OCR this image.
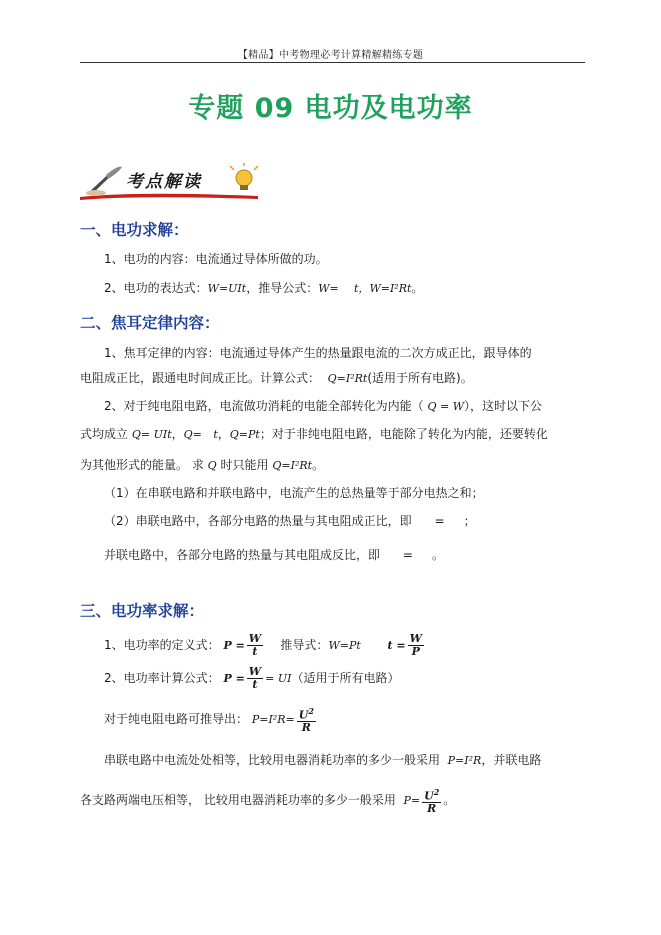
【精品】中考物理必考计算精解精练专题
专题 09 电功及电功率
考点解读
一、电功求解：
1、电功的内容：电流通过导体所做的功。
2、电功的表达式：W=UIt，推导公式：W= t，W=I²Rt。
二、焦耳定律内容：
1、焦耳定律的内容：电流通过导体产生的热量跟电流的二次方成正比，跟导体的
电阻成正比，跟通电时间成正比。计算公式： Q=I²Rt(适用于所有电路)。
2、对于纯电阻电路，电流做功消耗的电能全部转化为内能（ Q = W），这时以下公
式均成立 Q= UIt，Q= t，Q=Pt；对于非纯电阻电路，电能除了转化为内能，还要转化
为其他形式的能量。 求 Q 时只能用 Q=I²Rt。
（1）在串联电路和并联电路中，电流产生的总热量等于部分电热之和；
（2）串联电路中，各部分电路的热量与其电阻成正比，即 = ；
并联电路中，各部分电路的热量与其电阻成反比，即 = 。
三、电功率求解：
1、电功率的定义式： $P = \frac{W}{t}$ 推导式：W=Pt $t = \frac{W}{P}$
2、电功率计算公式： $P = \frac{W}{t} = UI$（适用于所有电路）
对于纯电阻电路可推导出： $P=I^2R= \frac{U^2}{R}$
串联电路中电流处处相等，比较用电器消耗功率的多少一般采用 P=I²R，并联电路
各支路两端电压相等， 比较用电器消耗功率的多少一般采用 $P= \frac{U^2}{R}$ 。
